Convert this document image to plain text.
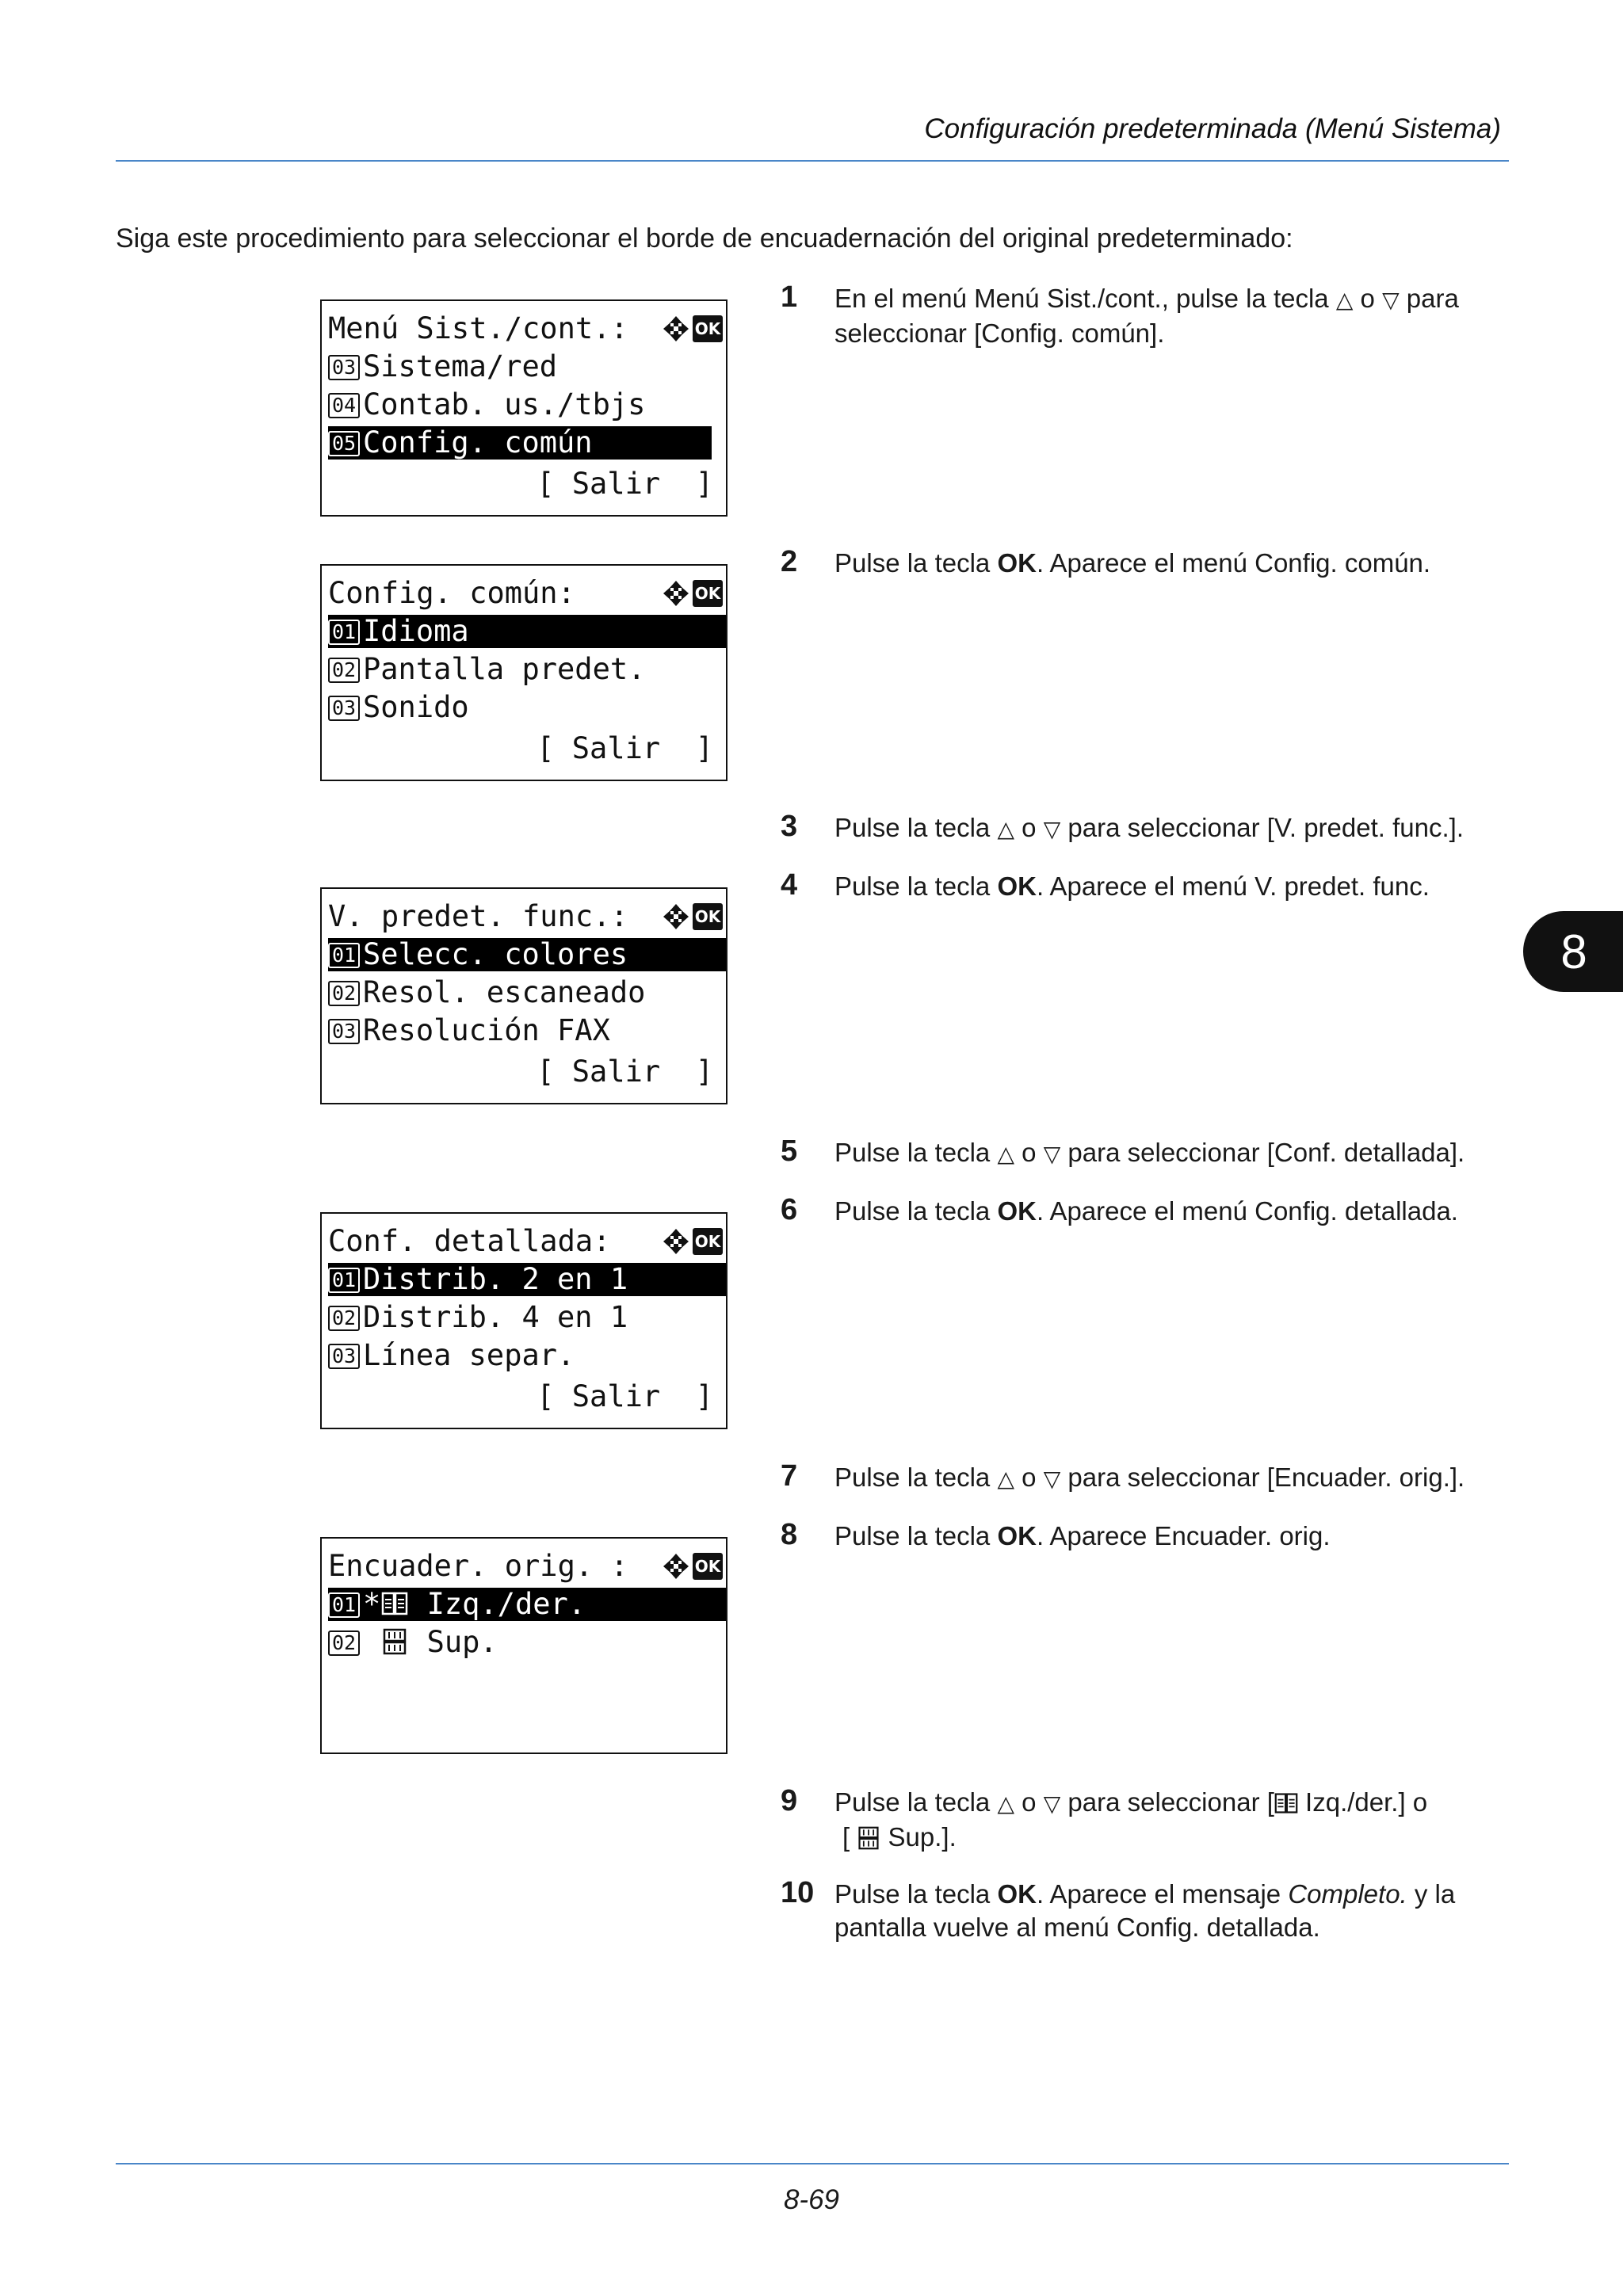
Configuración predeterminada (Menú Sistema)
Siga este procedimiento para seleccionar el borde de encuadernación del original predeterminado:
8
Menú Sist./cont.:	OK
03 Sistema/red
04 Contab. us./tbjs
05 Config. común
[ Salir  ]
Config. común:	OK
01 Idioma
02 Pantalla predet.
03 Sonido
[ Salir  ]
V. predet. func.:	OK
01 Selecc. colores
02 Resol. escaneado
03 Resolución FAX
[ Salir  ]
Conf. detallada:	OK
01 Distrib. 2 en 1
02 Distrib. 4 en 1
03 Línea separ.
[ Salir  ]
Encuader. orig. :	OK
01 * Izq./der.
02 Sup.
1 En el menú Menú Sist./cont., pulse la tecla △ o ▽ para seleccionar [Config. común].
2 Pulse la tecla OK. Aparece el menú Config. común.
3 Pulse la tecla △ o ▽ para seleccionar [V. predet. func.].
4 Pulse la tecla OK. Aparece el menú V. predet. func.
5 Pulse la tecla △ o ▽ para seleccionar [Conf. detallada].
6 Pulse la tecla OK. Aparece el menú Config. detallada.
7 Pulse la tecla △ o ▽ para seleccionar [Encuader. orig.].
8 Pulse la tecla OK. Aparece Encuader. orig.
9 Pulse la tecla △ o ▽ para seleccionar [ Izq./der.] o
[  Sup.].
10 Pulse la tecla OK. Aparece el mensaje Completo. y la pantalla vuelve al menú Config. detallada.
8-69
